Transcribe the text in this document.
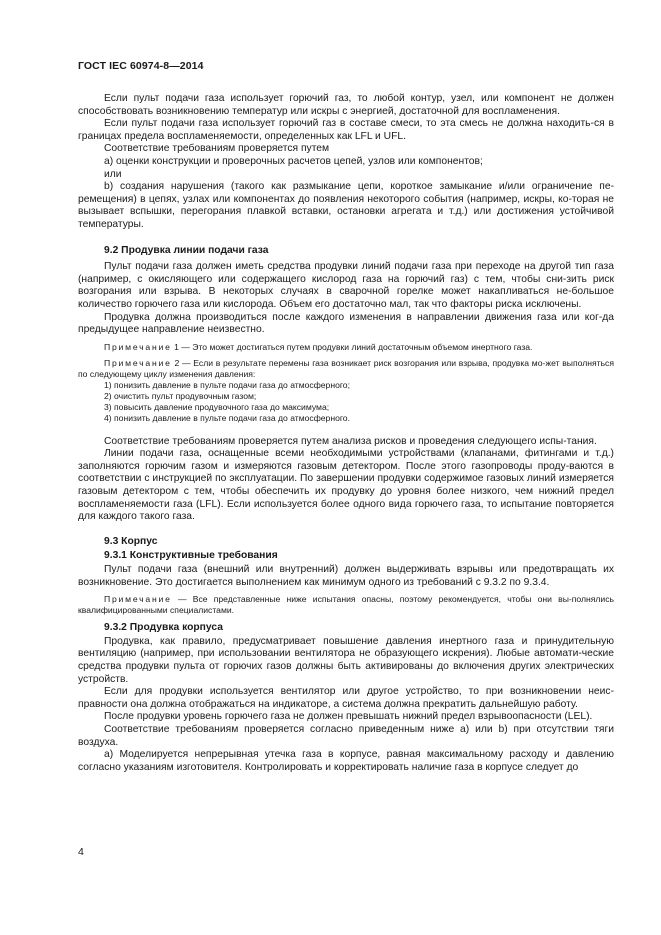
ГОСТ IEC 60974-8—2014

Если пульт подачи газа использует горючий газ, то любой контур, узел, или компонент не должен способствовать возникновению температур или искры с энергией, достаточной для воспламенения.

Если пульт подачи газа использует горючий газ в составе смеси, то эта смесь не должна находить-ся в границах предела воспламеняемости, определенных как LFL и UFL.

Соответствие требованиям проверяется путем

а) оценки конструкции и проверочных расчетов цепей, узлов или компонентов;

или

b) создания нарушения (такого как размыкание цепи, короткое замыкание и/или ограничение пе-ремещения) в цепях, узлах или компонентах до появления некоторого события (например, искры, ко-торая не вызывает вспышки, перегорания плавкой вставки, остановки агрегата и т.д.) или достижения устойчивой температуры.

9.2 Продувка линии подачи газа

Пульт подачи газа должен иметь средства продувки линий подачи газа при переходе на другой тип газа (например, с окисляющего или содержащего кислород газа на горючий газ) с тем, чтобы сни-зить риск возгорания или взрыва. В некоторых случаях в сварочной горелке может накапливаться не-большое количество горючего газа или кислорода. Объем его достаточно мал, так что факторы риска исключены.

Продувка должна производиться после каждого изменения в направлении движения газа или ког-да предыдущее направление неизвестно.

Примечание 1 — Это может достигаться путем продувки линий достаточным объемом инертного газа.

Примечание 2 — Если в результате перемены газа возникает риск возгорания или взрыва, продувка мо-жет выполняться по следующему циклу изменения давления:

1) понизить давление в пульте подачи газа до атмосферного;

2) очистить пульт продувочным газом;

3) повысить давление продувочного газа до максимума;

4) понизить давление в пульте подачи газа до атмосферного.

Соответствие требованиям проверяется путем анализа рисков и проведения следующего испы-тания.

Линии подачи газа, оснащенные всеми необходимыми устройствами (клапанами, фитингами и т.д.) заполняются горючим газом и измеряются газовым детектором. После этого газопроводы проду-ваются в соответствии с инструкцией по эксплуатации. По завершении продувки содержимое газовых линий измеряется газовым детектором с тем, чтобы обеспечить их продувку до уровня более низкого, чем нижний предел воспламеняемости газа (LFL). Если используется более одного вида горючего газа, то испытание повторяется для каждого такого газа.

9.3 Корпус

9.3.1 Конструктивные требования

Пульт подачи газа (внешний или внутренний) должен выдерживать взрывы или предотвращать их возникновение. Это достигается выполнением как минимум одного из требований с 9.3.2 по 9.3.4.

Примечание — Все представленные ниже испытания опасны, поэтому рекомендуется, чтобы они вы-полнялись квалифицированными специалистами.

9.3.2 Продувка корпуса

Продувка, как правило, предусматривает повышение давления инертного газа и принудительную вентиляцию (например, при использовании вентилятора не образующего искрения). Любые автомати-ческие средства продувки пульта от горючих газов должны быть активированы до включения других электрических устройств.

Если для продувки используется вентилятор или другое устройство, то при возникновении неис-правности она должна отображаться на индикаторе, а система должна прекратить дальнейшую работу.

После продувки уровень горючего газа не должен превышать нижний предел взрывоопасности (LEL).

Соответствие требованиям проверяется согласно приведенным ниже a) или b) при отсутствии тяги воздуха.

а) Моделируется непрерывная утечка газа в корпусе, равная максимальному расходу и давлению согласно указаниям изготовителя. Контролировать и корректировать наличие газа в корпусе следует до

4
